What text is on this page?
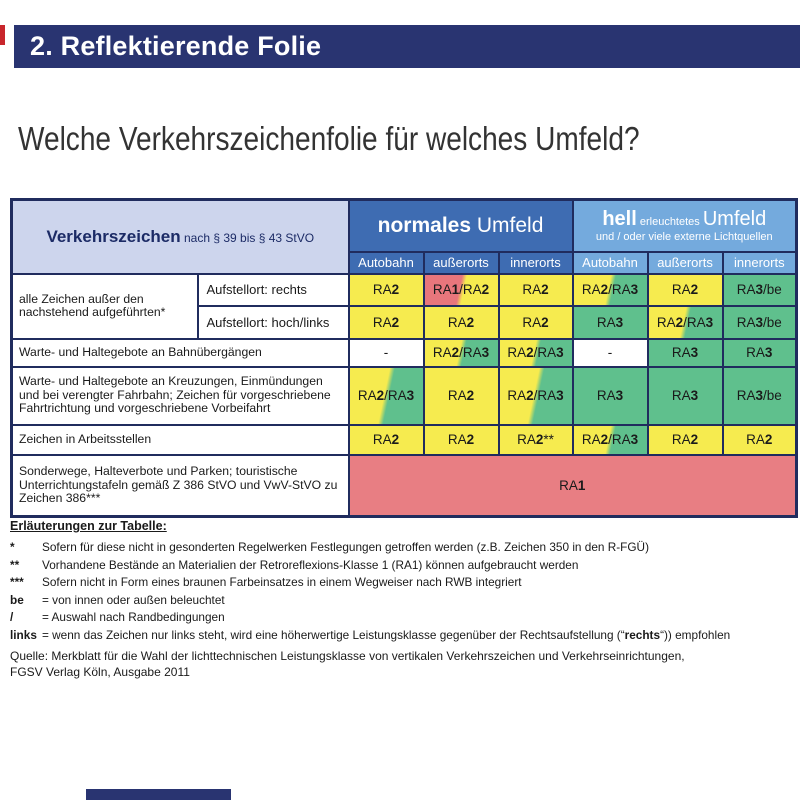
2. Reflektierende Folie
Welche Verkehrszeichenfolie für welches Umfeld?
Verkehrszeichen nach § 39 bis § 43 StVO		normales Umfeld			hell erleuchtetes Umfeld
und / oder viele externe Lichtquellen		

		Autobahn	außerorts	innerorts	Autobahn	außerorts	innerorts
alle Zeichen außer den nachstehend aufgeführten*	Aufstellort: rechts	RA2	RA1/RA2	RA2	RA2/RA3	RA2	RA3/be
	Aufstellort: hoch/links	RA2	RA2	RA2	RA3	RA2/RA3	RA3/be
Warte- und Haltegebote an Bahnübergängen		-	RA2/RA3	RA2/RA3	-	RA3	RA3
Warte- und Haltegebote an Kreuzungen, Einmündungen und bei verengter Fahrbahn; Zeichen für vorgeschriebene Fahrtrichtung und vorgeschriebene Vorbeifahrt		RA2/RA3	RA2	RA2/RA3	RA3	RA3	RA3/be
Zeichen in Arbeitsstellen		RA2	RA2	RA2**	RA2/RA3	RA2	RA2
Sonderwege, Halteverbote und Parken; touristische Unterrichtungstafeln gemäß Z 386 StVO und VwV-StVO zu Zeichen 386***		RA1					
Erläuterungen zur Tabelle:
*	Sofern für diese nicht in gesonderten Regelwerken Festlegungen getroffen werden (z.B. Zeichen 350 in den R-FGÜ)
**	Vorhandene Bestände an Materialien der Retroreflexions-Klasse 1 (RA1) können aufgebraucht werden
***	Sofern nicht in Form eines braunen Farbeinsatzes in einem Wegweiser nach RWB integriert
be	= von innen oder außen beleuchtet
/	= Auswahl nach Randbedingungen
links = wenn das Zeichen nur links steht, wird eine höherwertige Leistungsklasse gegenüber der Rechtsaufstellung (“rechts“)) empfohlen
Quelle: Merkblatt für die Wahl der lichttechnischen Leistungsklasse von vertikalen Verkehrszeichen und Verkehrseinrichtungen,
FGSV Verlag Köln, Ausgabe 2011
